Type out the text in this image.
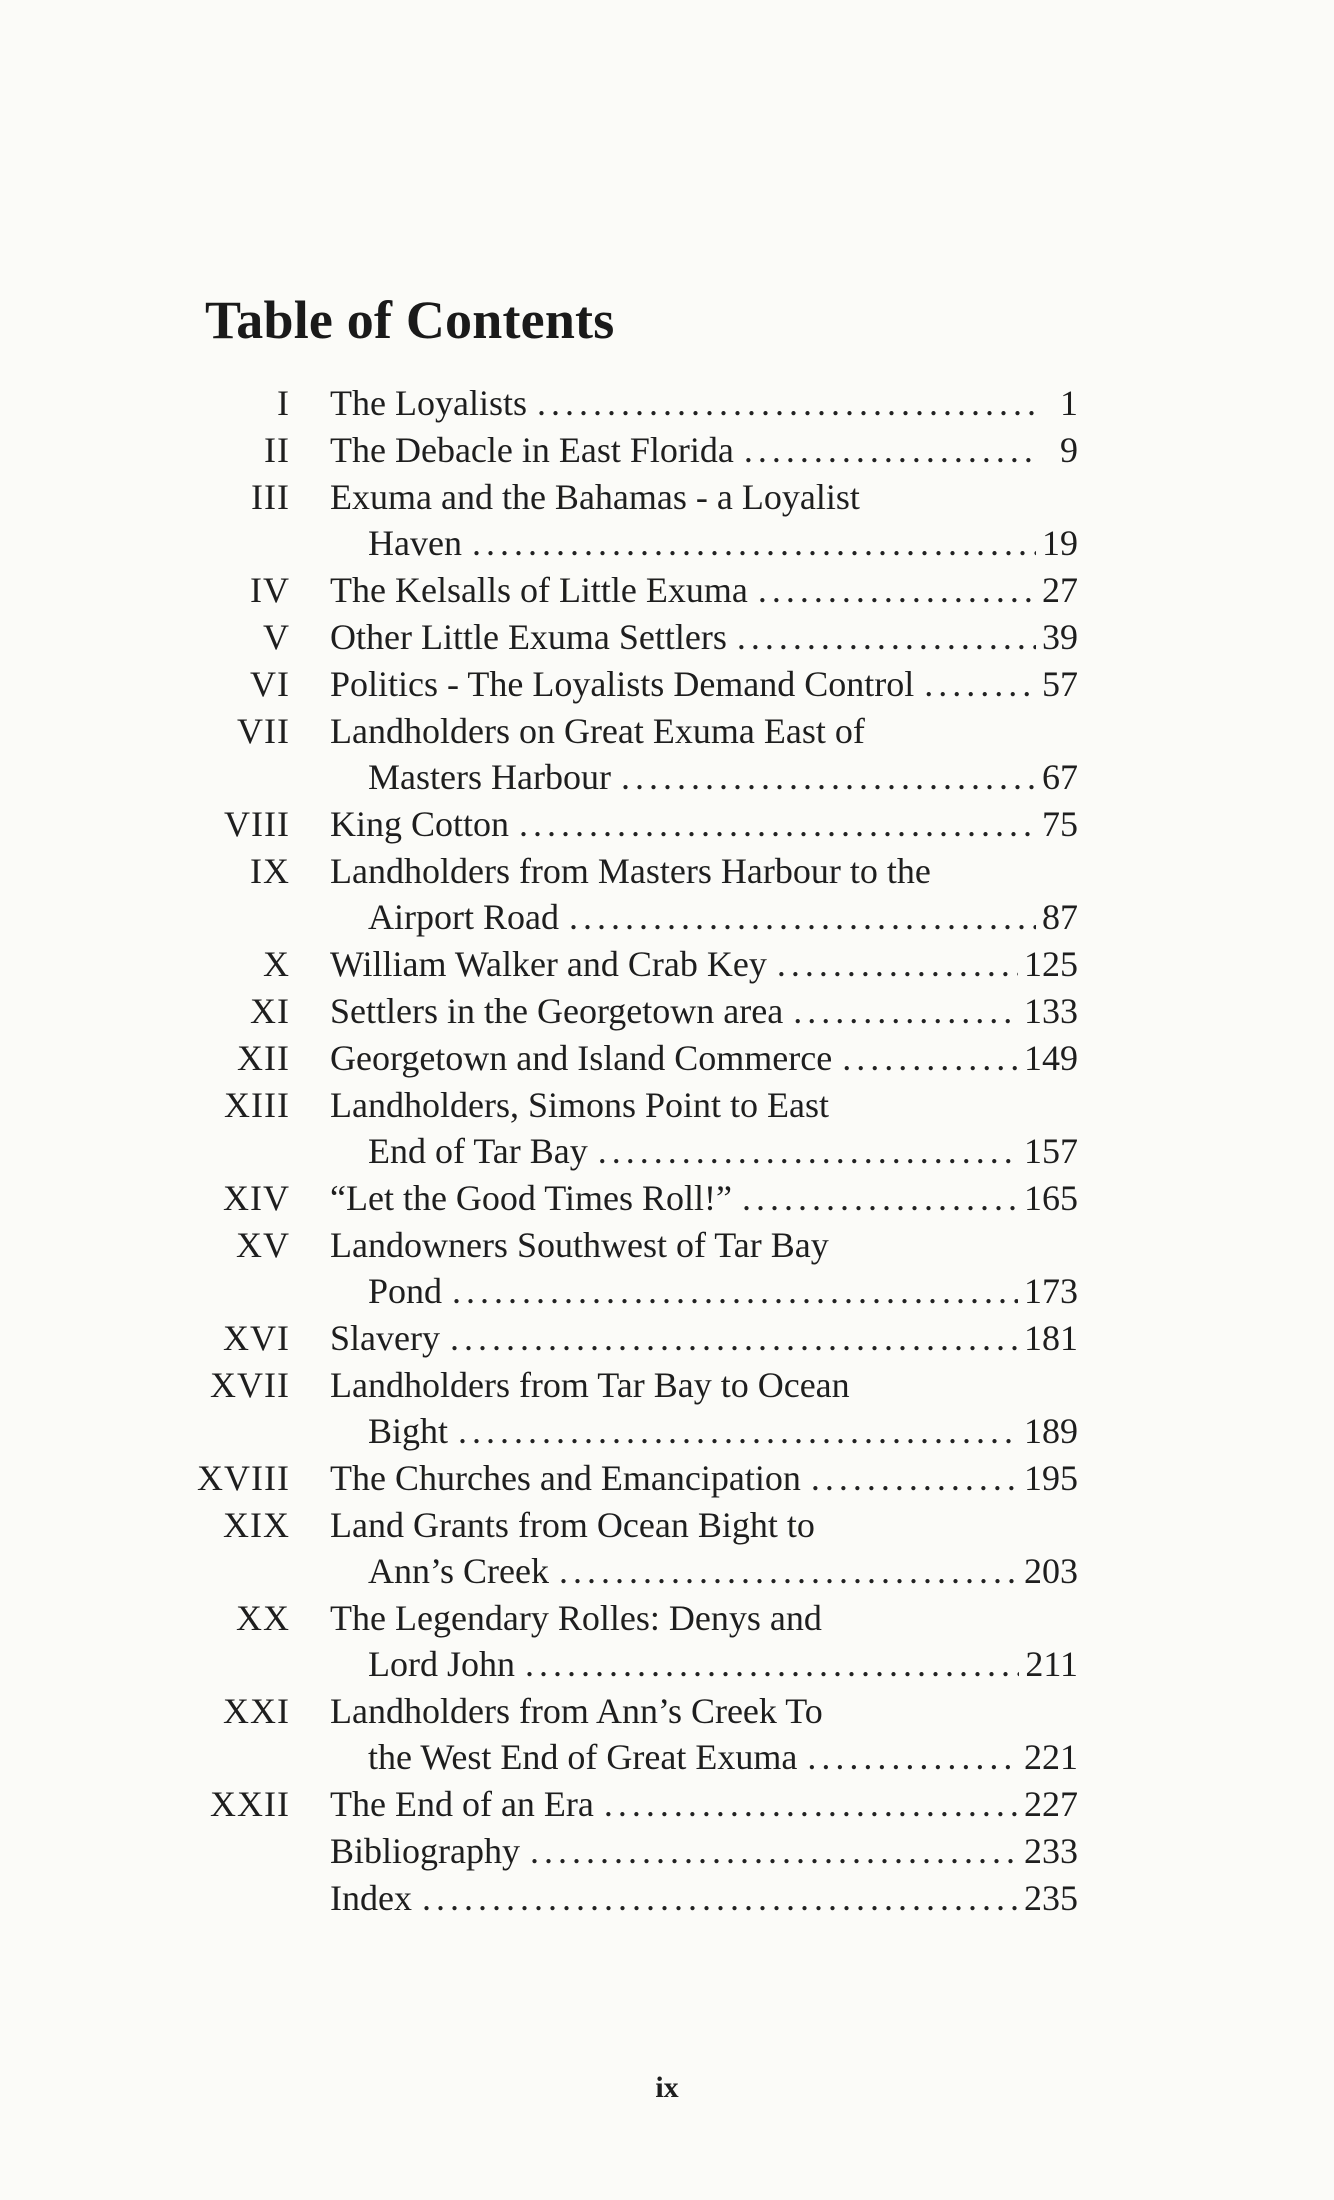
Table of Contents
I The Loyalists . . .	1
II The Debacle in East Florida . . .	9
III Exuma and the Bahamas - a Loyalist
Haven . . .	19
IV The Kelsalls of Little Exuma . . .	27
V Other Little Exuma Settlers . . .	39
VI Politics - The Loyalists Demand Control . . .	57
VII Landholders on Great Exuma East of
Masters Harbour . . .	67
VIII King Cotton . . .	75
IX Landholders from Masters Harbour to the
Airport Road . . .	87
X William Walker and Crab Key . . .	125
XI Settlers in the Georgetown area . . .	133
XII Georgetown and Island Commerce . . .	149
XIII Landholders, Simons Point to East
End of Tar Bay . . .	157
XIV “Let the Good Times Roll!” . . .	165
XV Landowners Southwest of Tar Bay
Pond . . .	173
XVI Slavery . . .	181
XVII Landholders from Tar Bay to Ocean
Bight . . .	189
XVIII The Churches and Emancipation . . .	195
XIX Land Grants from Ocean Bight to
Ann’s Creek . . .	203
XX The Legendary Rolles: Denys and
Lord John . . .	211
XXI Landholders from Ann’s Creek To
the West End of Great Exuma . . .	221
XXII The End of an Era . . .	227
Bibliography . . .	233
Index . . .	235
ix
